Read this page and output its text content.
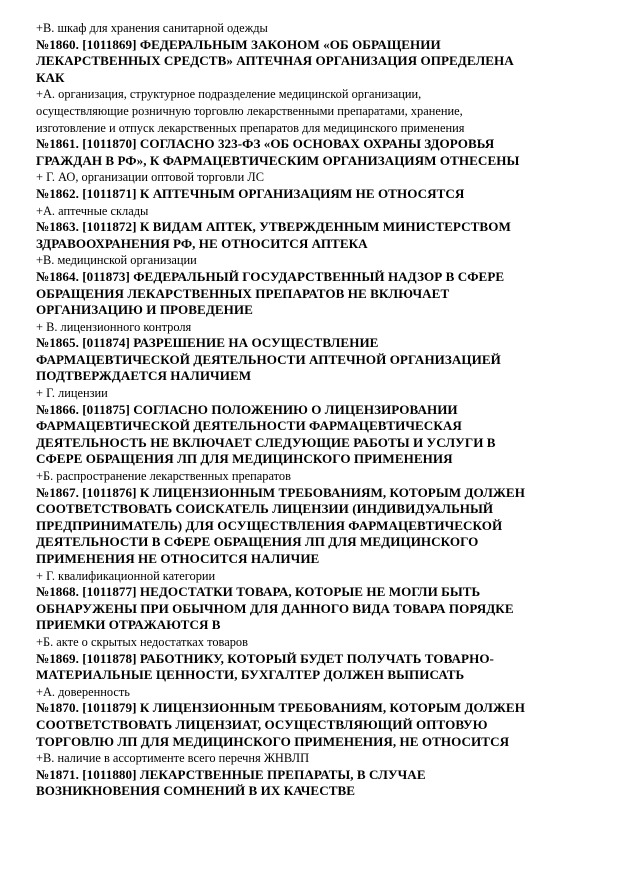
+В. шкаф для хранения санитарной одежды
№1860. [1011869] ФЕДЕРАЛЬНЫМ ЗАКОНОМ «ОБ ОБРАЩЕНИИ
ЛЕКАРСТВЕННЫХ СРЕДСТВ» АПТЕЧНАЯ ОРГАНИЗАЦИЯ ОПРЕДЕЛЕНА
КАК
+А. организация, структурное подразделение медицинской организации,
осуществляющие розничную торговлю лекарственными препаратами, хранение,
изготовление и отпуск лекарственных препаратов для медицинского применения
№1861. [1011870] СОГЛАСНО 323-ФЗ «ОБ ОСНОВАХ ОХРАНЫ ЗДОРОВЬЯ
ГРАЖДАН В РФ», К ФАРМАЦЕВТИЧЕСКИМ ОРГАНИЗАЦИЯМ ОТНЕСЕНЫ
+ Г. АО, организации оптовой торговли ЛС
№1862. [1011871] К АПТЕЧНЫМ ОРГАНИЗАЦИЯМ НЕ ОТНОСЯТСЯ
+А. аптечные склады
№1863. [1011872] К ВИДАМ АПТЕК, УТВЕРЖДЕННЫМ МИНИСТЕРСТВОМ
ЗДРАВООХРАНЕНИЯ РФ, НЕ ОТНОСИТСЯ АПТЕКА
+В. медицинской организации
№1864. [011873] ФЕДЕРАЛЬНЫЙ ГОСУДАРСТВЕННЫЙ НАДЗОР В СФЕРЕ
ОБРАЩЕНИЯ ЛЕКАРСТВЕННЫХ ПРЕПАРАТОВ НЕ ВКЛЮЧАЕТ
ОРГАНИЗАЦИЮ И ПРОВЕДЕНИЕ
+ В. лицензионного контроля
№1865. [011874] РАЗРЕШЕНИЕ НА ОСУЩЕСТВЛЕНИЕ
ФАРМАЦЕВТИЧЕСКОЙ ДЕЯТЕЛЬНОСТИ АПТЕЧНОЙ ОРГАНИЗАЦИЕЙ
ПОДТВЕРЖДАЕТСЯ НАЛИЧИЕМ
+ Г. лицензии
№1866. [011875] СОГЛАСНО ПОЛОЖЕНИЮ О ЛИЦЕНЗИРОВАНИИ
ФАРМАЦЕВТИЧЕСКОЙ ДЕЯТЕЛЬНОСТИ ФАРМАЦЕВТИЧЕСКАЯ
ДЕЯТЕЛЬНОСТЬ НЕ ВКЛЮЧАЕТ СЛЕДУЮЩИЕ РАБОТЫ И УСЛУГИ В
СФЕРЕ ОБРАЩЕНИЯ ЛП ДЛЯ МЕДИЦИНСКОГО ПРИМЕНЕНИЯ
+Б. распространение лекарственных препаратов
№1867. [1011876] К ЛИЦЕНЗИОННЫМ ТРЕБОВАНИЯМ, КОТОРЫМ ДОЛЖЕН
СООТВЕТСТВОВАТЬ СОИСКАТЕЛЬ ЛИЦЕНЗИИ (ИНДИВИДУАЛЬНЫЙ
ПРЕДПРИНИМАТЕЛЬ) ДЛЯ ОСУЩЕСТВЛЕНИЯ ФАРМАЦЕВТИЧЕСКОЙ
ДЕЯТЕЛЬНОСТИ В СФЕРЕ ОБРАЩЕНИЯ ЛП ДЛЯ МЕДИЦИНСКОГО
ПРИМЕНЕНИЯ НЕ ОТНОСИТСЯ НАЛИЧИЕ
+ Г. квалификационной категории
№1868. [1011877] НЕДОСТАТКИ ТОВАРА, КОТОРЫЕ НЕ МОГЛИ БЫТЬ
ОБНАРУЖЕНЫ ПРИ ОБЫЧНОМ ДЛЯ ДАННОГО ВИДА ТОВАРА ПОРЯДКЕ
ПРИЕМКИ ОТРАЖАЮТСЯ В
+Б. акте о скрытых недостатках товаров
№1869. [1011878] РАБОТНИКУ, КОТОРЫЙ БУДЕТ ПОЛУЧАТЬ ТОВАРНО-
МАТЕРИАЛЬНЫЕ ЦЕННОСТИ, БУХГАЛТЕР ДОЛЖЕН ВЫПИСАТЬ
+А. доверенность
№1870. [1011879] К ЛИЦЕНЗИОННЫМ ТРЕБОВАНИЯМ, КОТОРЫМ ДОЛЖЕН
СООТВЕТСТВОВАТЬ ЛИЦЕНЗИАТ, ОСУЩЕСТВЛЯЮЩИЙ ОПТОВУЮ
ТОРГОВЛЮ ЛП ДЛЯ МЕДИЦИНСКОГО ПРИМЕНЕНИЯ, НЕ ОТНОСИТСЯ
+В. наличие в ассортименте всего перечня ЖНВЛП
№1871. [1011880] ЛЕКАРСТВЕННЫЕ ПРЕПАРАТЫ, В СЛУЧАЕ
ВОЗНИКНОВЕНИЯ СОМНЕНИЙ В ИХ КАЧЕСТВЕ
